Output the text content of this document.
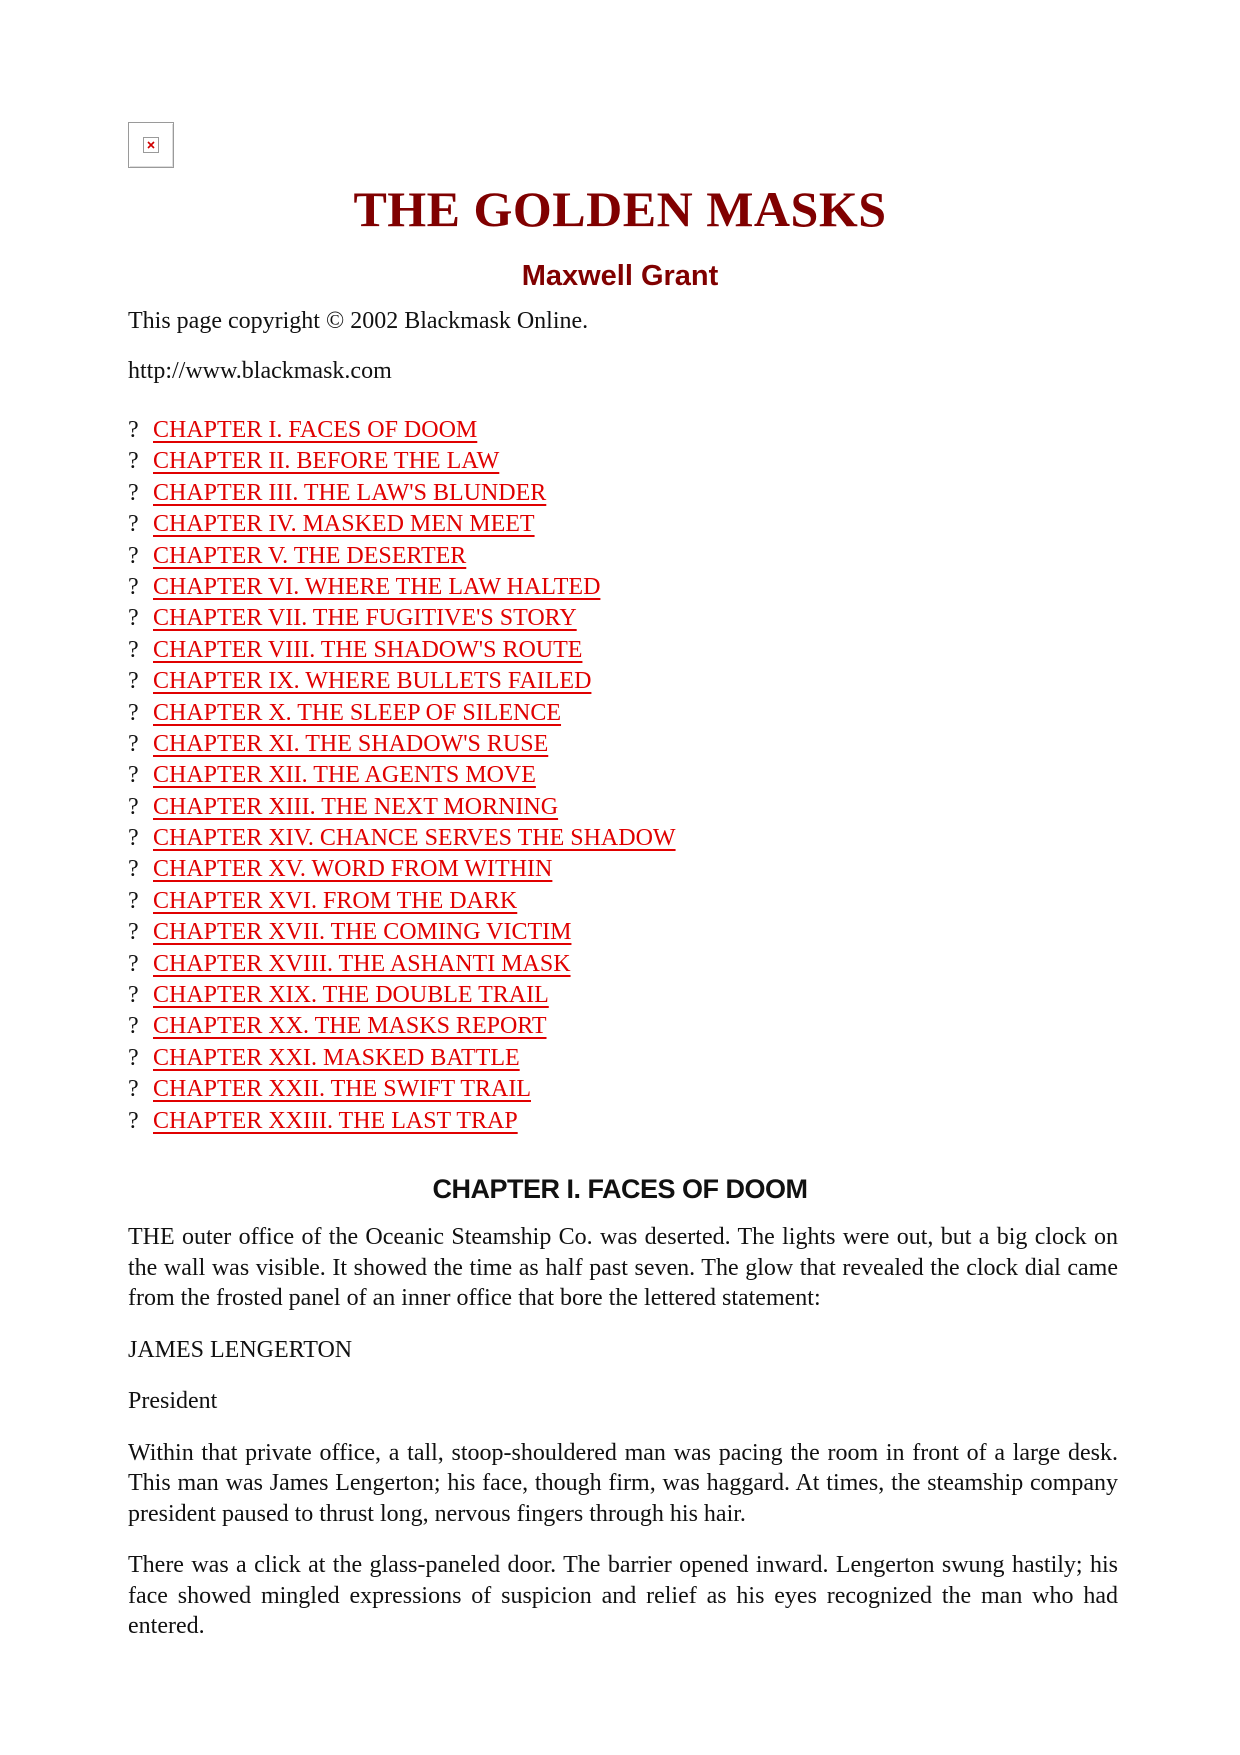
THE GOLDEN MASKS
Maxwell Grant

This page copyright © 2002 Blackmask Online.

http://www.blackmask.com

? CHAPTER I. FACES OF DOOM
? CHAPTER II. BEFORE THE LAW
? CHAPTER III. THE LAW'S BLUNDER
? CHAPTER IV. MASKED MEN MEET
? CHAPTER V. THE DESERTER
? CHAPTER VI. WHERE THE LAW HALTED
? CHAPTER VII. THE FUGITIVE'S STORY
? CHAPTER VIII. THE SHADOW'S ROUTE
? CHAPTER IX. WHERE BULLETS FAILED
? CHAPTER X. THE SLEEP OF SILENCE
? CHAPTER XI. THE SHADOW'S RUSE
? CHAPTER XII. THE AGENTS MOVE
? CHAPTER XIII. THE NEXT MORNING
? CHAPTER XIV. CHANCE SERVES THE SHADOW
? CHAPTER XV. WORD FROM WITHIN
? CHAPTER XVI. FROM THE DARK
? CHAPTER XVII. THE COMING VICTIM
? CHAPTER XVIII. THE ASHANTI MASK
? CHAPTER XIX. THE DOUBLE TRAIL
? CHAPTER XX. THE MASKS REPORT
? CHAPTER XXI. MASKED BATTLE
? CHAPTER XXII. THE SWIFT TRAIL
? CHAPTER XXIII. THE LAST TRAP
CHAPTER I. FACES OF DOOM

THE outer office of the Oceanic Steamship Co. was deserted. The lights were out, but a big clock on the wall was visible. It showed the time as half past seven. The glow that revealed the clock dial came from the frosted panel of an inner office that bore the lettered statement:

JAMES LENGERTON

President

Within that private office, a tall, stoop-shouldered man was pacing the room in front of a large desk. This man was James Lengerton; his face, though firm, was haggard. At times, the steamship company president paused to thrust long, nervous fingers through his hair.

There was a click at the glass-paneled door. The barrier opened inward. Lengerton swung hastily; his face showed mingled expressions of suspicion and relief as his eyes recognized the man who had entered.
